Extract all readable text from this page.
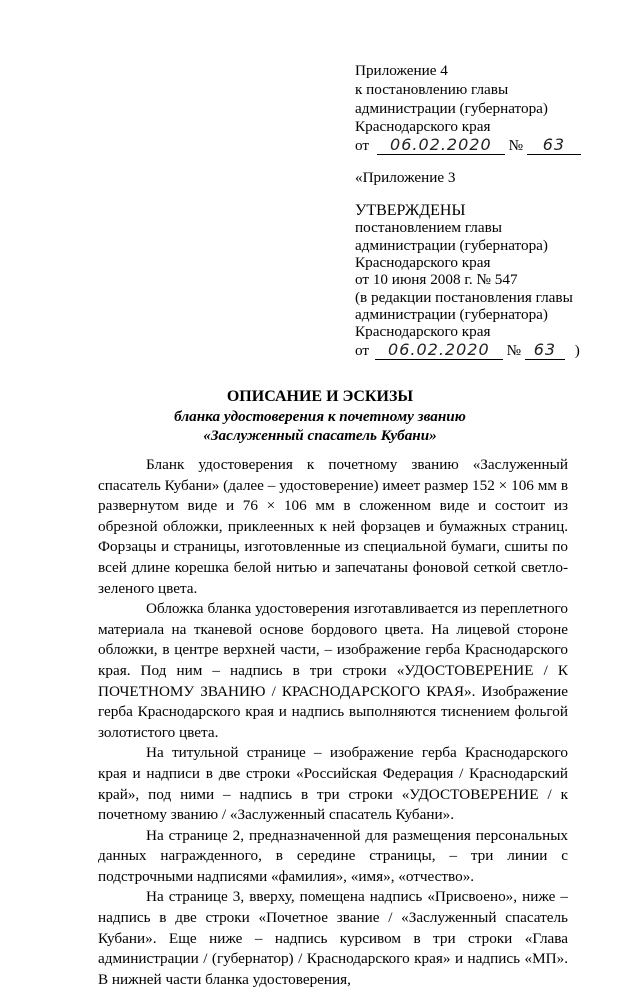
Приложение 4
к постановлению главы
администрации (губернатора)
Краснодарского края
от 06.02.2020 № 63
«Приложение 3
УТВЕРЖДЕНЫ
постановлением главы
администрации (губернатора)
Краснодарского края
от 10 июня 2008 г. № 547
(в редакции постановления главы
администрации (губернатора)
Краснодарского края
от 06.02.2020 № 63 )
ОПИСАНИЕ И ЭСКИЗЫ
бланка удостоверения к почетному званию
«Заслуженный спасатель Кубани»

Бланк удостоверения к почетному званию «Заслуженный спасатель Кубани» (далее – удостоверение) имеет размер 152 × 106 мм в развернутом виде и 76 × 106 мм в сложенном виде и состоит из обрезной обложки, приклеенных к ней форзацев и бумажных страниц. Форзацы и страницы, изготовленные из специальной бумаги, сшиты по всей длине корешка белой нитью и запечатаны фоновой сеткой светло-зеленого цвета.

Обложка бланка удостоверения изготавливается из переплетного материала на тканевой основе бордового цвета. На лицевой стороне обложки, в центре верхней части, – изображение герба Краснодарского края. Под ним – надпись в три строки «УДОСТОВЕРЕНИЕ / К ПОЧЕТНОМУ ЗВАНИЮ / КРАСНОДАРСКОГО КРАЯ». Изображение герба Краснодарского края и надпись выполняются тиснением фольгой золотистого цвета.

На титульной странице – изображение герба Краснодарского края и надписи в две строки «Российская Федерация / Краснодарский край», под ними – надпись в три строки «УДОСТОВЕРЕНИЕ / к почетному званию / «Заслуженный спасатель Кубани».

На странице 2, предназначенной для размещения персональных данных награжденного, в середине страницы, – три линии с подстрочными надписями «фамилия», «имя», «отчество».

На странице 3, вверху, помещена надпись «Присвоено», ниже – надпись в две строки «Почетное звание / «Заслуженный спасатель Кубани». Еще ниже – надпись курсивом в три строки «Глава администрации / (губернатор) / Краснодарского края» и надпись «МП». В нижней части бланка удостоверения,
